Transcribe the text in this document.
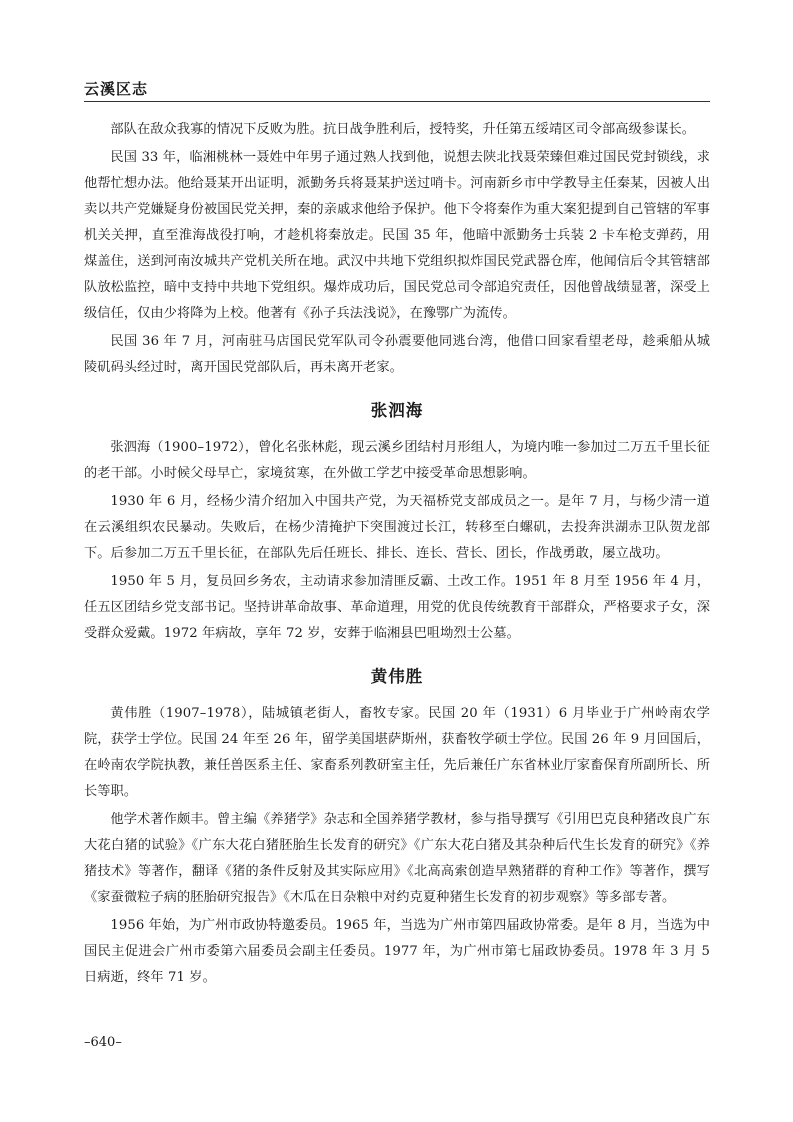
云溪区志

部队在敌众我寡的情况下反败为胜。抗日战争胜利后，授特奖，升任第五绥靖区司令部高级参谋长。

民国 33 年，临湘桃林一聂姓中年男子通过熟人找到他，说想去陕北找聂荣臻但难过国民党封锁线，求他帮忙想办法。他给聂某开出证明，派勤务兵将聂某护送过哨卡。河南新乡市中学教导主任秦某，因被人出卖以共产党嫌疑身份被国民党关押，秦的亲戚求他给予保护。他下令将秦作为重大案犯提到自己管辖的军事机关关押，直至淮海战役打响，才趁机将秦放走。民国 35 年，他暗中派勤务士兵装 2 卡车枪支弹药，用煤盖住，送到河南汝城共产党机关所在地。武汉中共地下党组织拟炸国民党武器仓库，他闻信后令其管辖部队放松监控，暗中支持中共地下党组织。爆炸成功后，国民党总司令部追究责任，因他曾战绩显著，深受上级信任，仅由少将降为上校。他著有《孙子兵法浅说》，在豫鄂广为流传。

民国 36 年 7 月，河南驻马店国民党军队司令孙震要他同逃台湾，他借口回家看望老母，趁乘船从城陵矶码头经过时，离开国民党部队后，再未离开老家。

张泗海

张泗海（1900–1972），曾化名张林彪，现云溪乡团结村月形组人，为境内唯一参加过二万五千里长征的老干部。小时候父母早亡，家境贫寒，在外做工学艺中接受革命思想影响。

1930 年 6 月，经杨少清介绍加入中国共产党，为天福桥党支部成员之一。是年 7 月，与杨少清一道在云溪组织农民暴动。失败后，在杨少清掩护下突围渡过长江，转移至白螺矶，去投奔洪湖赤卫队贺龙部下。后参加二万五千里长征，在部队先后任班长、排长、连长、营长、团长，作战勇敢，屡立战功。

1950 年 5 月，复员回乡务农，主动请求参加清匪反霸、土改工作。1951 年 8 月至 1956 年 4 月，任五区团结乡党支部书记。坚持讲革命故事、革命道理，用党的优良传统教育干部群众，严格要求子女，深受群众爱戴。1972 年病故，享年 72 岁，安葬于临湘县巴咀坳烈士公墓。

黄伟胜

黄伟胜（1907–1978），陆城镇老街人，畜牧专家。民国 20 年（1931）6 月毕业于广州岭南农学院，获学士学位。民国 24 年至 26 年，留学美国堪萨斯州，获畜牧学硕士学位。民国 26 年 9 月回国后，在岭南农学院执教，兼任兽医系主任、家畜系列教研室主任，先后兼任广东省林业厅家畜保育所副所长、所长等职。

他学术著作颇丰。曾主编《养猪学》杂志和全国养猪学教材，参与指导撰写《引用巴克良种猪改良广东大花白猪的试验》《广东大花白猪胚胎生长发育的研究》《广东大花白猪及其杂种后代生长发育的研究》《养猪技术》等著作，翻译《猪的条件反射及其实际应用》《北高高索创造早熟猪群的育种工作》等著作，撰写《家蚕微粒子病的胚胎研究报告》《木瓜在日杂粮中对约克夏种猪生长发育的初步观察》等多部专著。

1956 年始，为广州市政协特邀委员。1965 年，当选为广州市第四届政协常委。是年 8 月，当选为中国民主促进会广州市委第六届委员会副主任委员。1977 年，为广州市第七届政协委员。1978 年 3 月 5 日病逝，终年 71 岁。

–640–
